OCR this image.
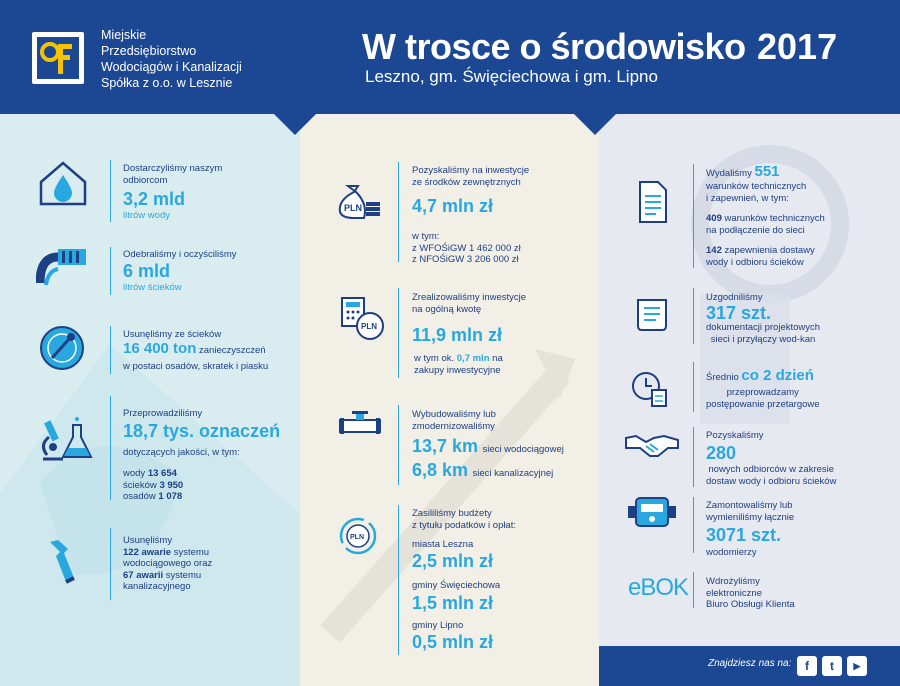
Miejskie
Przedsiębiorstwo
Wodociągów i Kanalizacji
Spółka z o.o. w Lesznie
W trosce o środowisko 2017
Leszno, gm. Święciechowa i gm. Lipno
Dostarczyliśmy naszym
odbiorcom
3,2 mld
litrów wody
Odebraliśmy i oczyściliśmy
6 mld
litrów ścieków
Usunęliśmy ze ścieków
16 400 ton zanieczyszczeń
w postaci osadów, skratek i piasku
Przeprowadziliśmy
18,7 tys. oznaczeń
dotyczących jakości, w tym:
wody 13 654
ścieków 3 950
osadów 1 078
Usunęliśmy
122 awarie systemu
wodociągowego oraz
67 awarii systemu
kanalizacyjnego
PLN
Pozyskaliśmy na inwestycje
ze środków zewnętrznych
4,7 mln zł
w tym:
z WFOŚiGW 1 462 000 zł
z NFOŚiGW 3 206 000 zł
PLN
Zrealizowaliśmy inwestycje
na ogólną kwotę
11,9 mln zł
w tym ok. 0,7 mln na
zakupy inwestycyjne
Wybudowaliśmy lub
zmodernizowaliśmy
13,7 km sieci wodociągowej
6,8 km sieci kanalizacyjnej
PLN
Zasililiśmy budżety
z tytułu podatków i opłat:
miasta Leszna
2,5 mln zł
gminy Święciechowa
1,5 mln zł
gminy Lipno
0,5 mln zł
Wydaliśmy 551
warunków technicznych
i zapewnień, w tym:
409 warunków technicznych
na podłączenie do sieci
142 zapewnienia dostawy
wody i odbioru ścieków
Uzgodniliśmy
317 szt.
dokumentacji projektowych
sieci i przyłączy wod-kan
Średnio co 2 dzień
przeprowadzamy
postępowanie przetargowe
Pozyskaliśmy
280
nowych odbiorców w zakresie
dostaw wody i odbioru ścieków
Zamontowaliśmy lub
wymieniliśmy łącznie
3071 szt.
wodomierzy
eBOK Wdrożyliśmy
elektroniczne
Biuro Obsługi Klienta
Znajdziesz nas na:	f	t	▶
